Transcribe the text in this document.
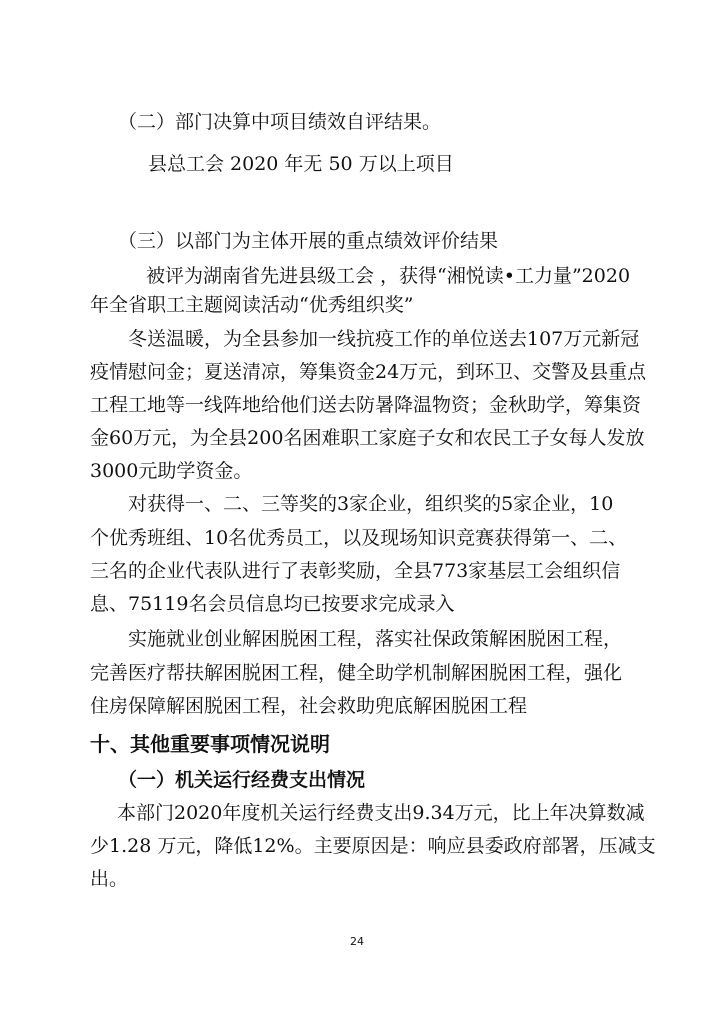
（二）部门决算中项目绩效自评结果。
县总工会 2020 年无 50 万以上项目
（三）以部门为主体开展的重点绩效评价结果
被评为湖南省先进县级工会 ，获得“湘悦读•工力量”2020
年全省职工主题阅读活动“优秀组织奖”
冬送温暖，为全县参加一线抗疫工作的单位送去107万元新冠
疫情慰问金；夏送清凉，筹集资金24万元，到环卫、交警及县重点
工程工地等一线阵地给他们送去防暑降温物资；金秋助学，筹集资
金60万元，为全县200名困难职工家庭子女和农民工子女每人发放
3000元助学资金。
对获得一、二、三等奖的3家企业，组织奖的5家企业，10
个优秀班组、10名优秀员工，以及现场知识竞赛获得第一、二、
三名的企业代表队进行了表彰奖励，全县773家基层工会组织信
息、75119名会员信息均已按要求完成录入
实施就业创业解困脱困工程，落实社保政策解困脱困工程，
完善医疗帮扶解困脱困工程，健全助学机制解困脱困工程，强化
住房保障解困脱困工程，社会救助兜底解困脱困工程
十、其他重要事项情况说明
（一）机关运行经费支出情况
本部门2020年度机关运行经费支出9.34万元，比上年决算数减
少1.28 万元，降低12%。主要原因是：响应县委政府部署，压减支
出。
24
